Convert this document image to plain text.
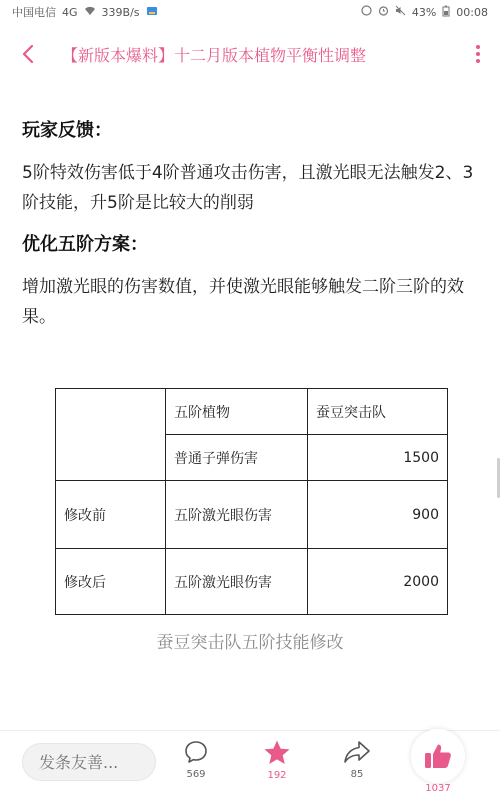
中国电信 4G 339B/s	43% 00:08
【新版本爆料】十二月版本植物平衡性调整
玩家反馈：
5阶特效伤害低于4阶普通攻击伤害，且激光眼无法触发2、3阶技能，升5阶是比较大的削弱
优化五阶方案：
增加激光眼的伤害数值，并使激光眼能够触发二阶三阶的效果。
	五阶植物	蚕豆突击队
	普通子弹伤害	1500
修改前	五阶激光眼伤害	900
修改后	五阶激光眼伤害	2000
蚕豆突击队五阶技能修改
发条友善...
569	192	85
1037
